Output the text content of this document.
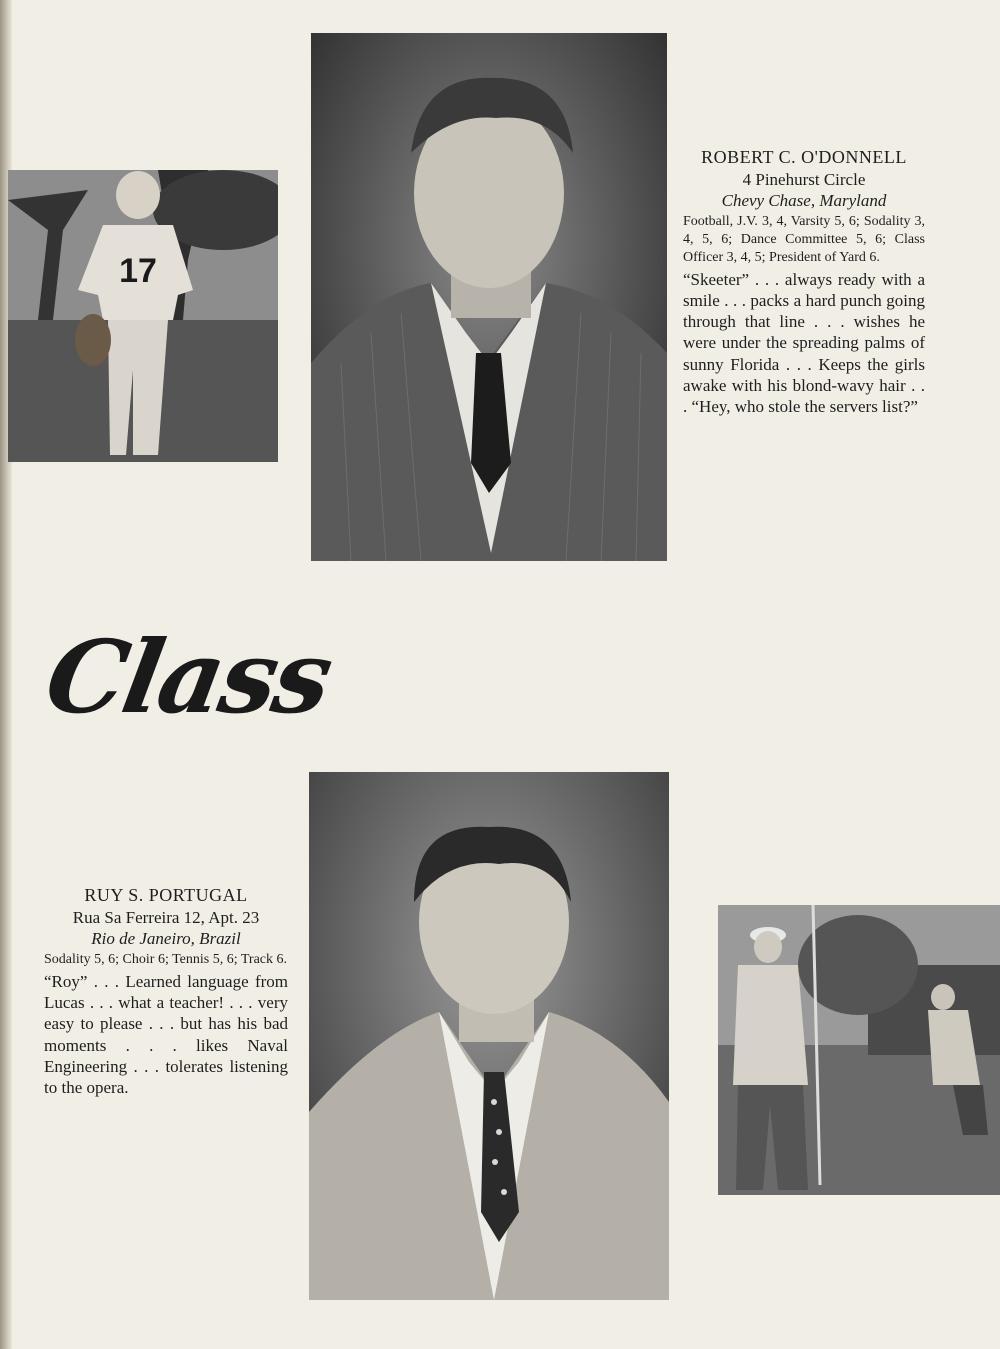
17
ROBERT C. O'DONNELL
4 Pinehurst Circle
Chevy Chase, Maryland
Football, J.V. 3, 4, Varsity 5, 6; Sodality 3, 4, 5, 6; Dance Committee 5, 6; Class Officer 3, 4, 5; President of Yard 6.
“Skeeter” . . . always ready with a smile . . . packs a hard punch going through that line . . . wishes he were under the spreading palms of sunny Florida . . . Keeps the girls awake with his blond-wavy hair . . . “Hey, who stole the servers list?”
Class
RUY S. PORTUGAL
Rua Sa Ferreira 12, Apt. 23
Rio de Janeiro, Brazil
Sodality 5, 6; Choir 6; Tennis 5, 6; Track 6.
“Roy” . . . Learned language from Lucas . . . what a teacher! . . . very easy to please . . . but has his bad moments . . . likes Naval Engineering . . . tolerates listening to the opera.
